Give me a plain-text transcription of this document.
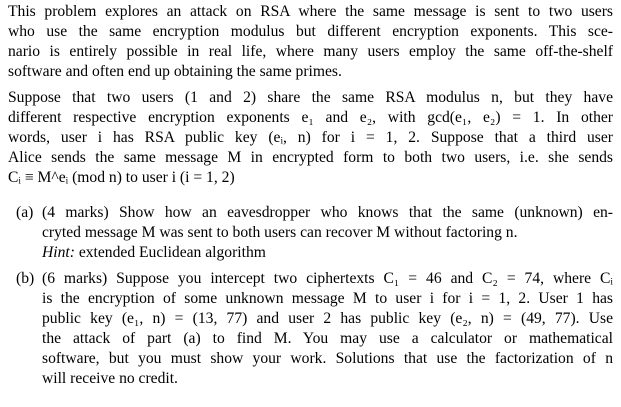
This problem explores an attack on RSA where the same message is sent to two users
who use the same encryption modulus but different encryption exponents. This sce-
nario is entirely possible in real life, where many users employ the same off-the-shelf
software and often end up obtaining the same primes.
Suppose that two users (1 and 2) share the same RSA modulus n, but they have
different respective encryption exponents e₁ and e₂, with gcd(e₁, e₂) = 1. In other
words, user i has RSA public key (eᵢ, n) for i = 1, 2. Suppose that a third user
Alice sends the same message M in encrypted form to both two users, i.e. she sends
Cᵢ ≡ M^eᵢ (mod n) to user i (i = 1, 2)
(a) (4 marks) Show how an eavesdropper who knows that the same (unknown) en-
cryted message M was sent to both users can recover M without factoring n.
Hint: extended Euclidean algorithm
(b) (6 marks) Suppose you intercept two ciphertexts C₁ = 46 and C₂ = 74, where Cᵢ
is the encryption of some unknown message M to user i for i = 1, 2. User 1 has
public key (e₁, n) = (13, 77) and user 2 has public key (e₂, n) = (49, 77). Use
the attack of part (a) to find M. You may use a calculator or mathematical
software, but you must show your work. Solutions that use the factorization of n
will receive no credit.
